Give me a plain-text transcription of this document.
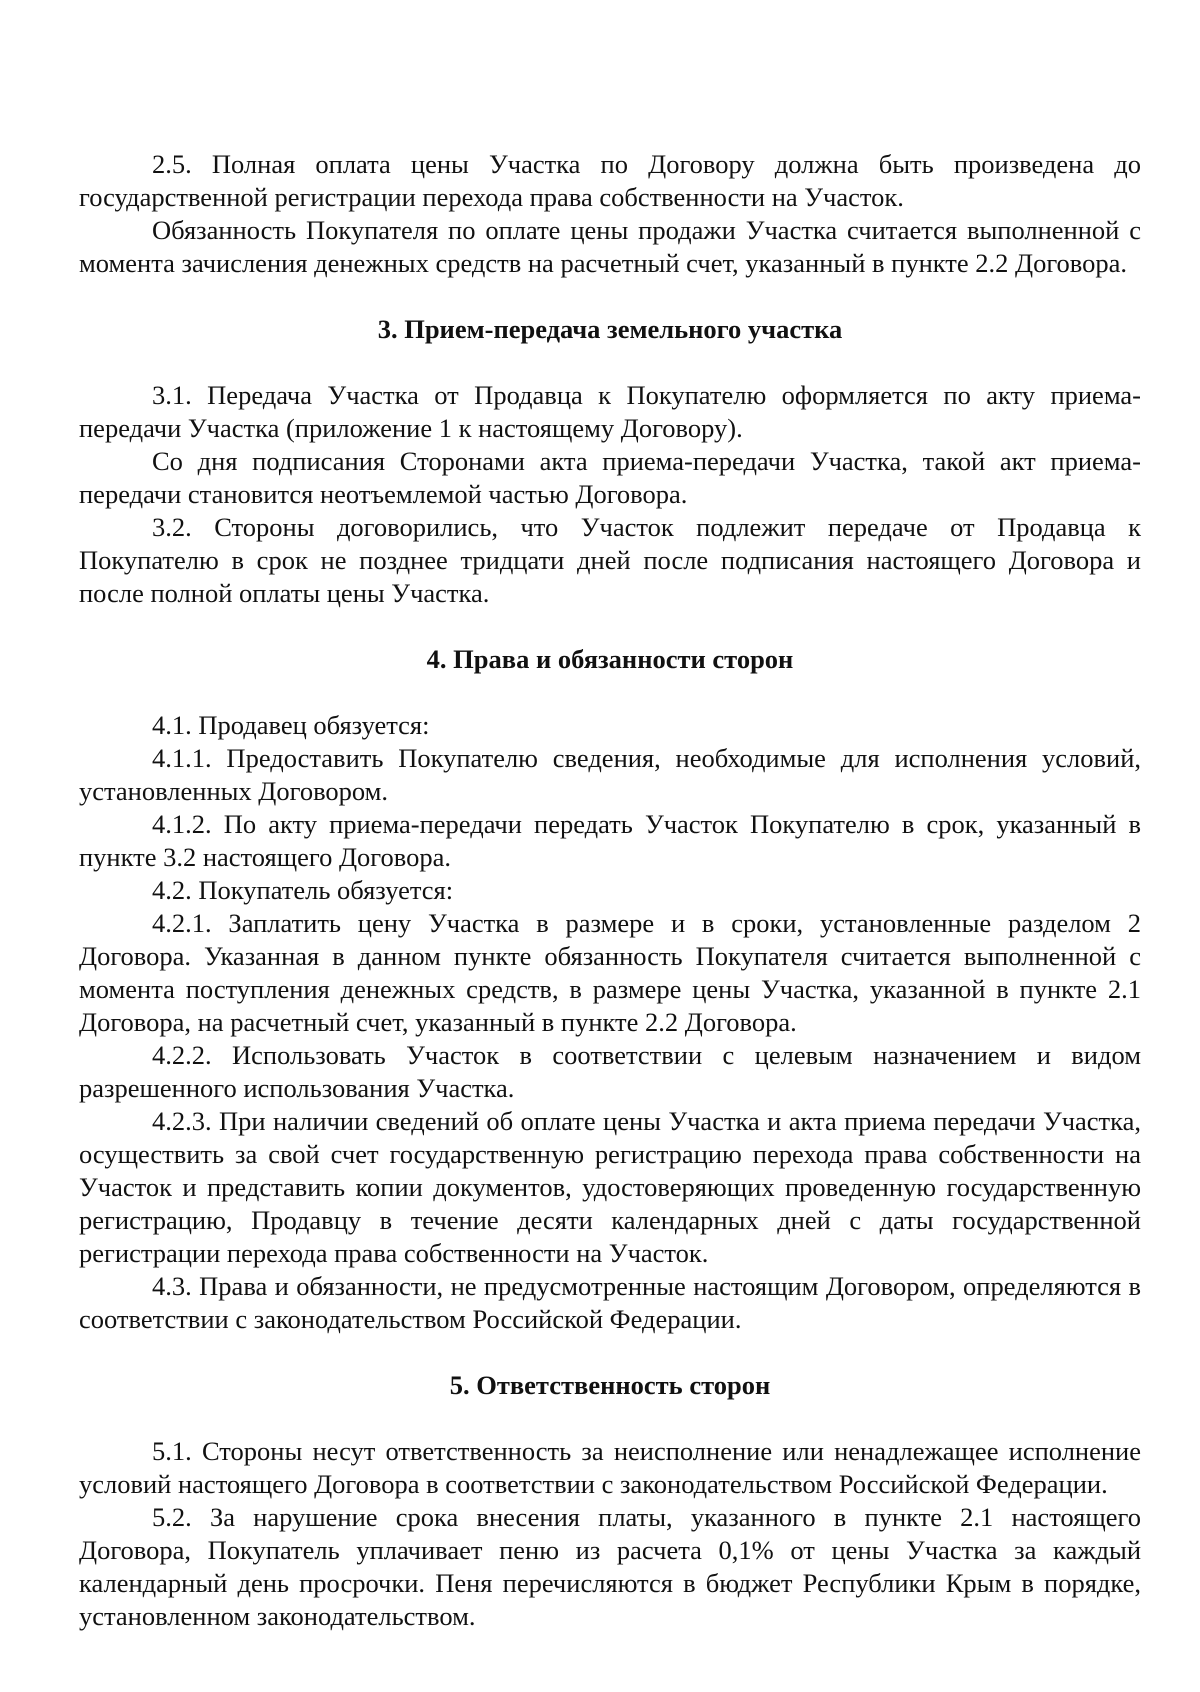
2.5. Полная оплата цены Участка по Договору должна быть произведена до государственной регистрации перехода права собственности на Участок.

Обязанность Покупателя по оплате цены продажи Участка считается выполненной с момента зачисления денежных средств на расчетный счет, указанный в пункте 2.2 Договора.

3. Прием-передача земельного участка

3.1. Передача Участка от Продавца к Покупателю оформляется по акту приема-передачи Участка (приложение 1 к настоящему Договору).

Со дня подписания Сторонами акта приема-передачи Участка, такой акт приема-передачи становится неотъемлемой частью Договора.

3.2. Стороны договорились, что Участок подлежит передаче от Продавца к Покупателю в срок не позднее тридцати дней после подписания настоящего Договора и после полной оплаты цены Участка.

4. Права и обязанности сторон

4.1. Продавец обязуется:

4.1.1. Предоставить Покупателю сведения, необходимые для исполнения условий, установленных Договором.

4.1.2. По акту приема-передачи передать Участок Покупателю в срок, указанный в пункте 3.2 настоящего Договора.

4.2. Покупатель обязуется:

4.2.1. Заплатить цену Участка в размере и в сроки, установленные разделом 2 Договора. Указанная в данном пункте обязанность Покупателя считается выполненной с момента поступления денежных средств, в размере цены Участка, указанной в пункте 2.1 Договора, на расчетный счет, указанный в пункте 2.2 Договора.

4.2.2. Использовать Участок в соответствии с целевым назначением и видом разрешенного использования Участка.

4.2.3. При наличии сведений об оплате цены Участка и акта приема передачи Участка, осуществить за свой счет государственную регистрацию перехода права собственности на Участок и представить копии документов, удостоверяющих проведенную государственную регистрацию, Продавцу в течение десяти календарных дней с даты государственной регистрации перехода права собственности на Участок.

4.3. Права и обязанности, не предусмотренные настоящим Договором, определяются в соответствии с законодательством Российской Федерации.

5. Ответственность сторон

5.1. Стороны несут ответственность за неисполнение или ненадлежащее исполнение условий настоящего Договора в соответствии с законодательством Российской Федерации.

5.2. За нарушение срока внесения платы, указанного в пункте 2.1 настоящего Договора, Покупатель уплачивает пеню из расчета 0,1% от цены Участка за каждый календарный день просрочки. Пеня перечисляются в бюджет Республики Крым в порядке, установленном законодательством.
